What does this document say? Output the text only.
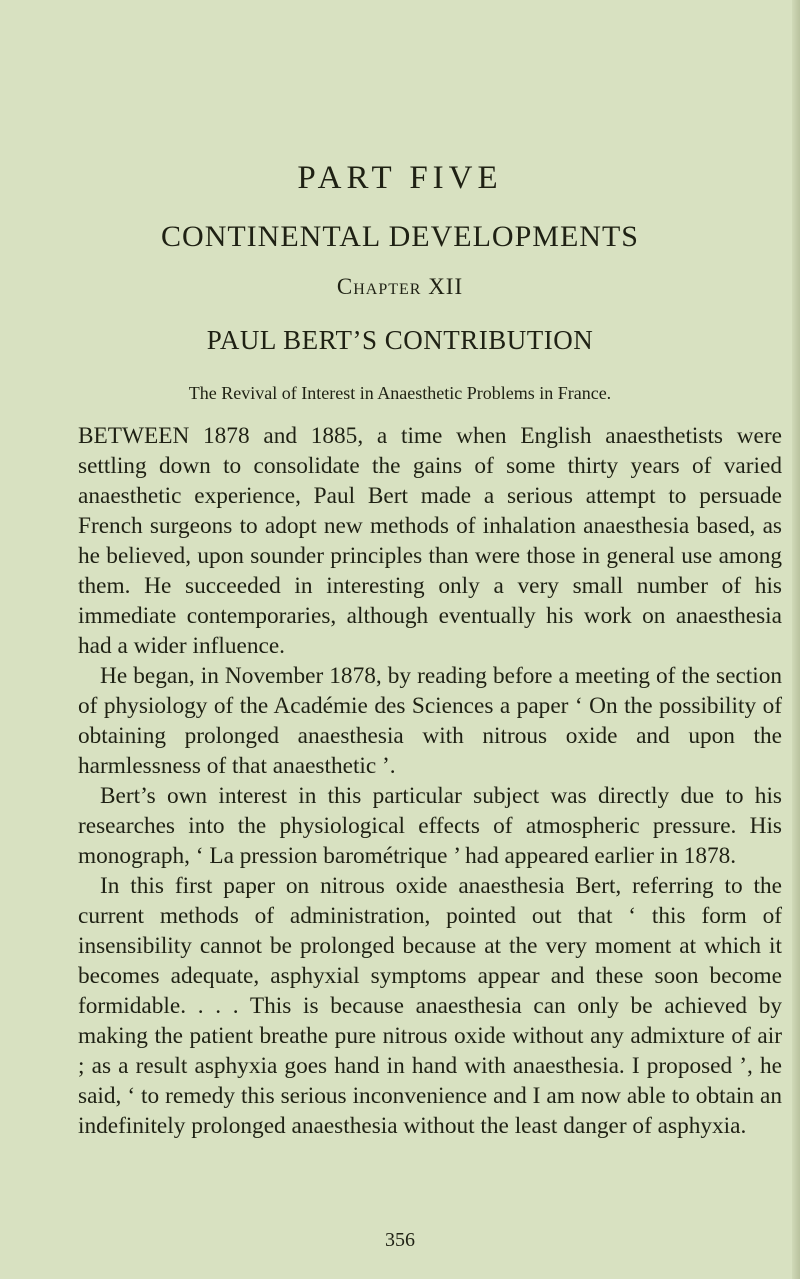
PART FIVE
CONTINENTAL DEVELOPMENTS
Chapter XII
PAUL BERT’S CONTRIBUTION
The Revival of Interest in Anaesthetic Problems in France.

BETWEEN 1878 and 1885, a time when English anaesthetists were settling down to consolidate the gains of some thirty years of varied anaesthetic experience, Paul Bert made a serious attempt to persuade French surgeons to adopt new methods of inhalation anaesthesia based, as he believed, upon sounder principles than were those in general use among them. He succeeded in interesting only a very small number of his immediate contemporaries, although eventually his work on anaesthesia had a wider influence.

He began, in November 1878, by reading before a meeting of the section of physiology of the Académie des Sciences a paper ‘ On the possibility of obtaining prolonged anaesthesia with nitrous oxide and upon the harmlessness of that anaesthetic ’.

Bert’s own interest in this particular subject was directly due to his researches into the physiological effects of atmospheric pressure. His monograph, ‘ La pression barométrique ’ had appeared earlier in 1878.

In this first paper on nitrous oxide anaesthesia Bert, referring to the current methods of administration, pointed out that ‘ this form of insensibility cannot be prolonged because at the very moment at which it becomes adequate, asphyxial symptoms appear and these soon become formidable. . . . This is because anaesthesia can only be achieved by making the patient breathe pure nitrous oxide without any admixture of air ; as a result asphyxia goes hand in hand with anaesthesia. I proposed ’, he said, ‘ to remedy this serious inconvenience and I am now able to obtain an indefinitely prolonged anaesthesia without the least danger of asphyxia.

356
